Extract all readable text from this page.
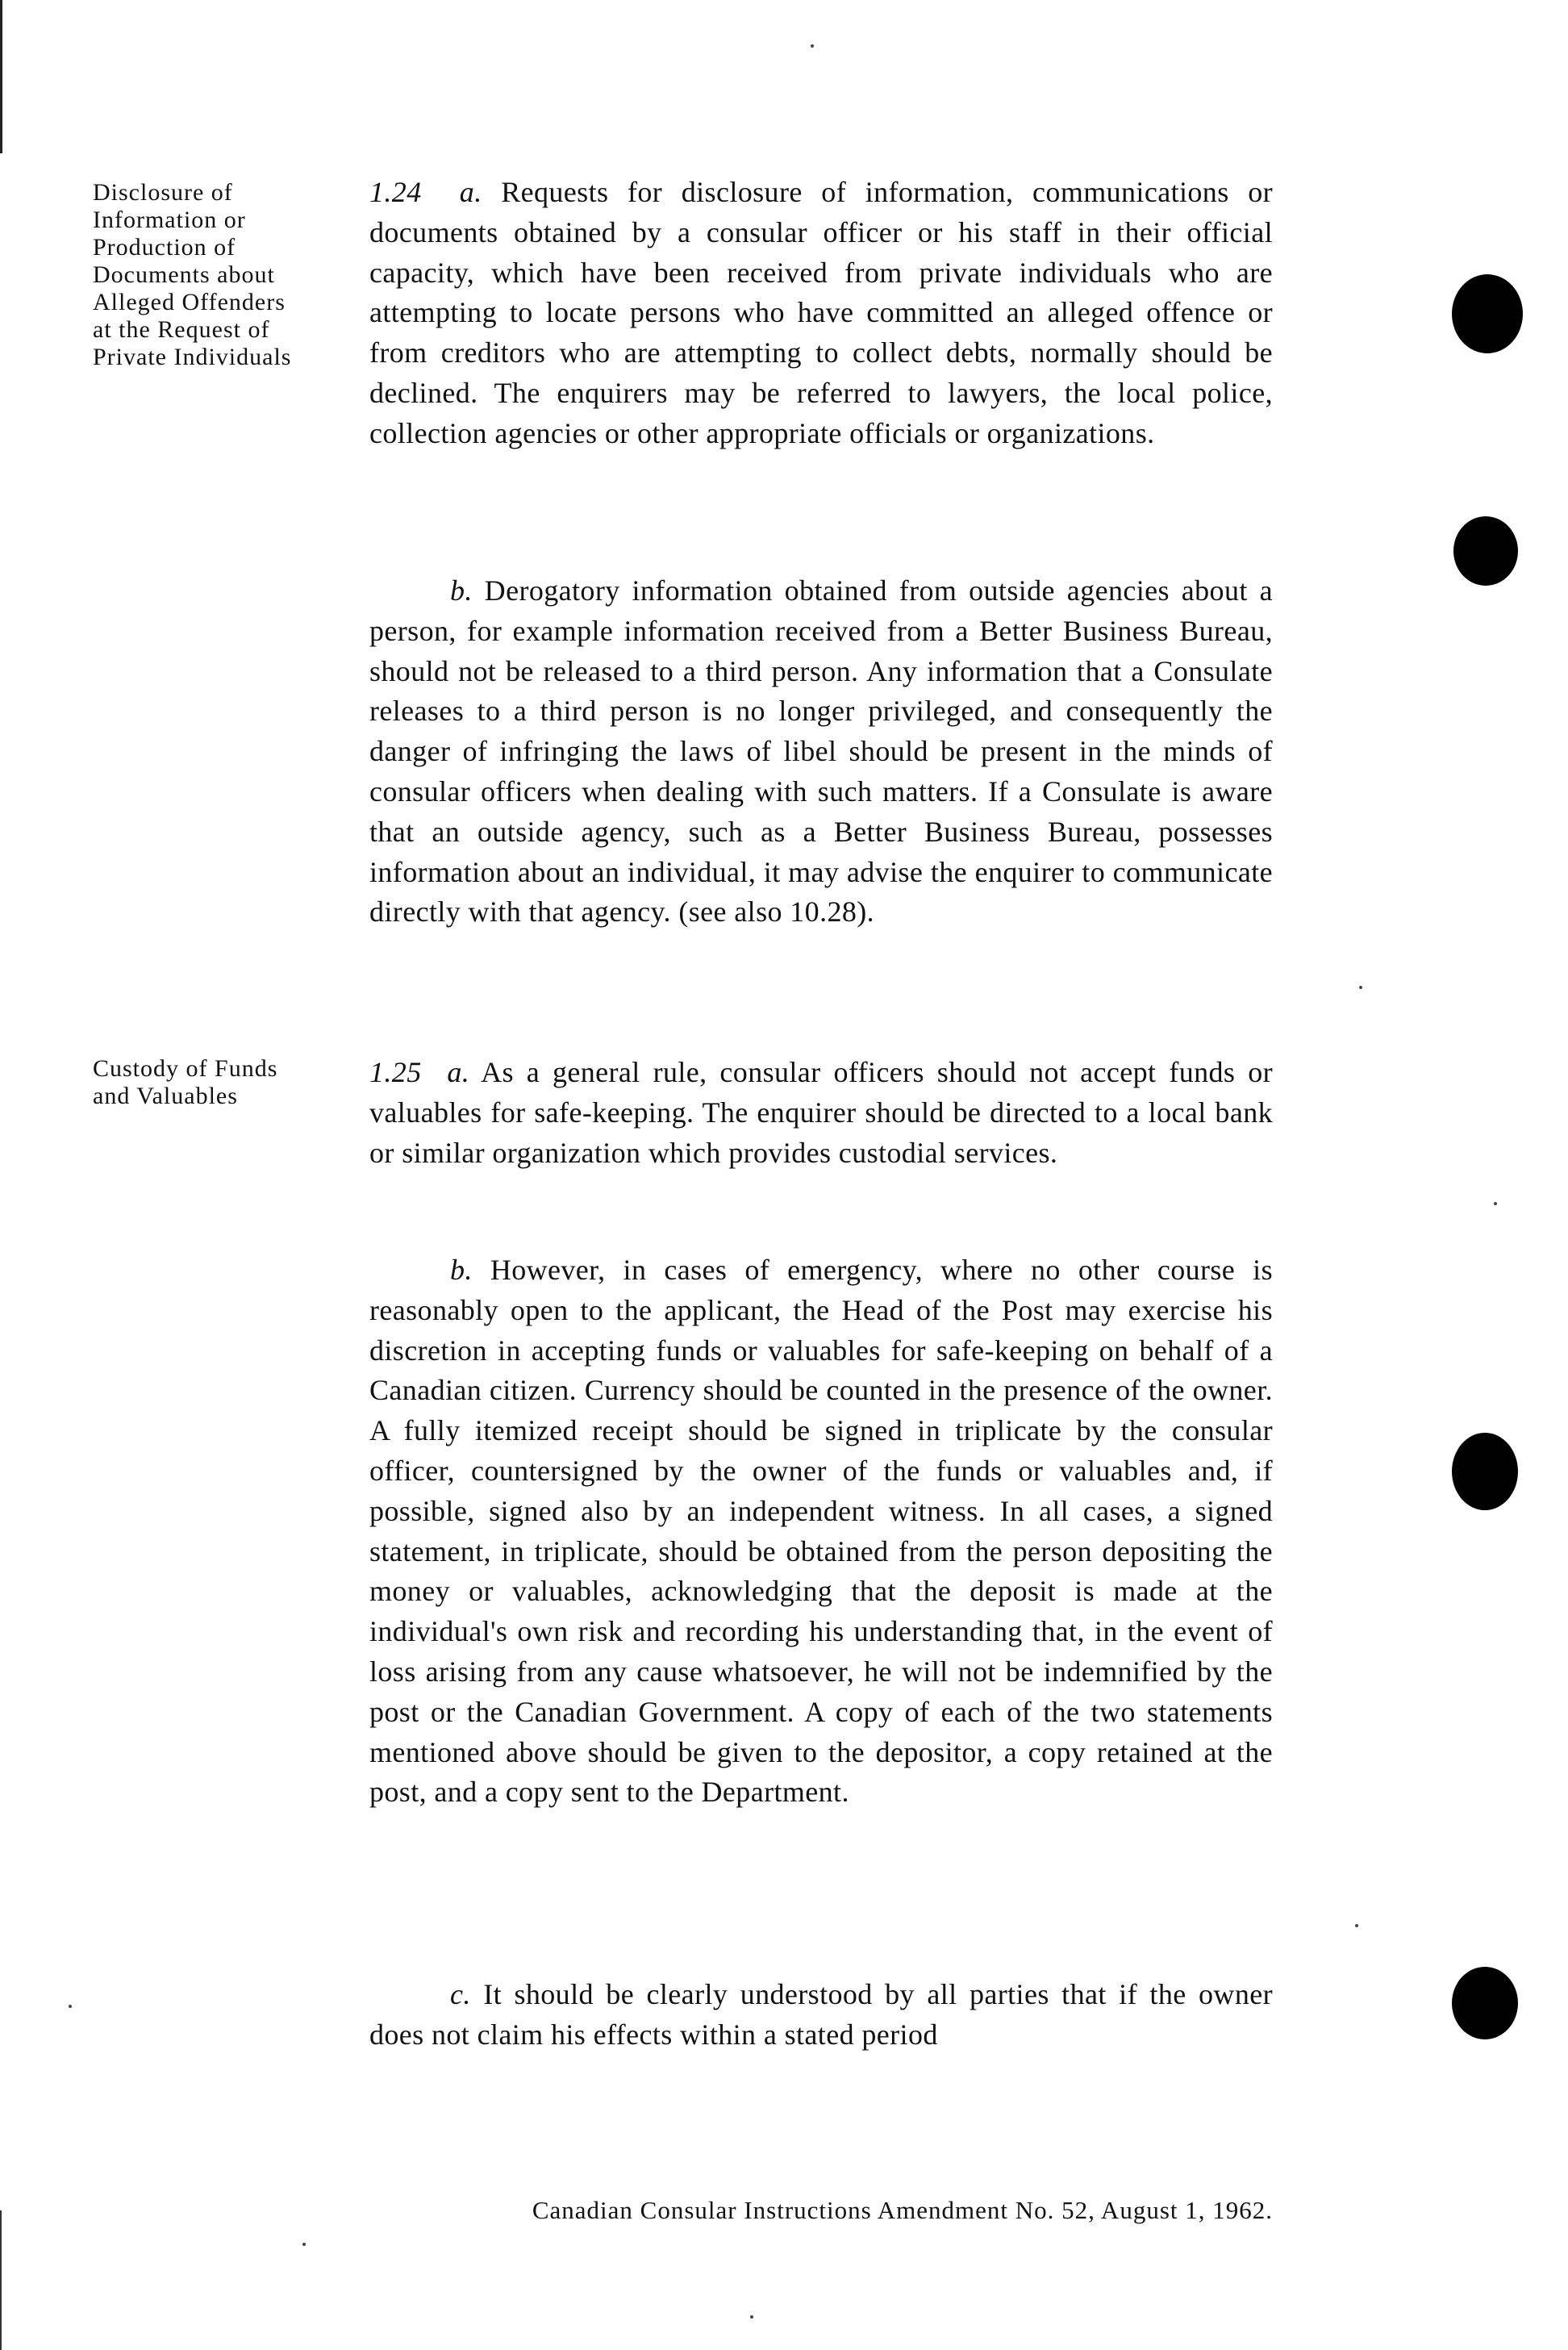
Disclosure of
Information or
Production of
Documents about
Alleged Offenders
at the Request of
Private Individuals
Custody of Funds
and Valuables

1.24 a. Requests for disclosure of information, communications or documents obtained by a consular officer or his staff in their official capacity, which have been received from private individuals who are attempting to locate persons who have committed an alleged offence or from creditors who are attempting to collect debts, normally should be declined. The enquirers may be referred to lawyers, the local police, collection agencies or other appropriate officials or organizations.

b. Derogatory information obtained from outside agencies about a person, for example information received from a Better Business Bureau, should not be released to a third person. Any information that a Consulate releases to a third person is no longer privileged, and consequently the danger of infringing the laws of libel should be present in the minds of consular officers when dealing with such matters. If a Consulate is aware that an outside agency, such as a Better Business Bureau, possesses information about an individual, it may advise the enquirer to communicate directly with that agency. (see also 10.28).

1.25 a. As a general rule, consular officers should not accept funds or valuables for safe-keeping. The enquirer should be directed to a local bank or similar organization which provides custodial services.

b. However, in cases of emergency, where no other course is reasonably open to the applicant, the Head of the Post may exercise his discretion in accepting funds or valuables for safe-keeping on behalf of a Canadian citizen. Currency should be counted in the presence of the owner. A fully itemized receipt should be signed in triplicate by the consular officer, countersigned by the owner of the funds or valuables and, if possible, signed also by an independent witness. In all cases, a signed statement, in triplicate, should be obtained from the person depositing the money or valuables, acknowledging that the deposit is made at the individual's own risk and recording his understanding that, in the event of loss arising from any cause whatsoever, he will not be indemnified by the post or the Canadian Government. A copy of each of the two statements mentioned above should be given to the depositor, a copy retained at the post, and a copy sent to the Department.

c. It should be clearly understood by all parties that if the owner does not claim his effects within a stated period

Canadian Consular Instructions Amendment No. 52, August 1, 1962.
